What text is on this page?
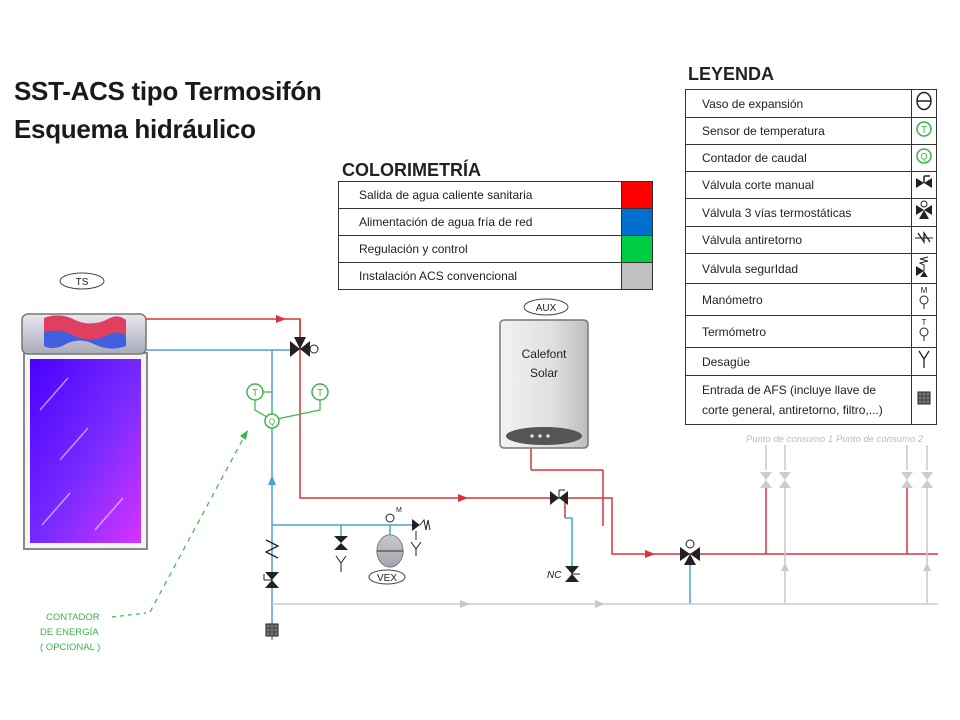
SST-ACS tipo Termosifón
Esquema hidráulico
COLORIMETRÍA
Salida de agua caliente sanitaria	
Alimentación de agua fría de red	
Regulación y control	
Instalación ACS convencional	
LEYENDA
Vaso de expansión	
Sensor de temperatura	T

Contador de caudal	Q

Válvula corte manual	
Válvula 3 vías termostáticas	
Válvula antiretorno	
Válvula segurIdad	
Manómetro	M

Termómetro	T

Desagüe	
Entrada de AFS (incluye llave de
corte general, antiretorno, filtro,...)	
TS
T	T
Q
VEX
M
Calefont
Solar
AUX
NC
Punto de consumo 1 Punto de consumo 2
CONTADOR
DE ENERGÍA
( OPCIONAL )
